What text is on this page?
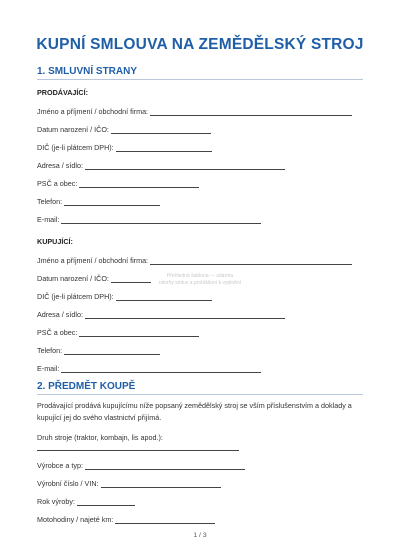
KUPNÍ SMLOUVA NA ZEMĚDĚLSKÝ STROJ
1. SMLUVNÍ STRANY
PRODÁVAJÍCÍ:
Jméno a příjmení / obchodní firma:
Datum narození / IČO:
DIČ (je-li plátcem DPH):
Adresa / sídlo:
PSČ a obec:
Telefon:
E-mail:
KUPUJÍCÍ:
Jméno a příjmení / obchodní firma:
Datum narození / IČO:
DIČ (je-li plátcem DPH):
Adresa / sídlo:
PSČ a obec:
Telefon:
E-mail:
2. PŘEDMĚT KOUPĚ
Prodávající prodává kupujícímu níže popsaný zemědělský stroj se vším příslušenstvím a doklady a kupující jej do svého vlastnictví přijímá.
Druh stroje (traktor, kombajn, lis apod.):
Výrobce a typ:
Výrobní číslo / VIN:
Rok výroby:
Motohodiny / najeté km:
Přehledná šablona — zdarma
návrhy smluv a prohlášení k vyplnění
1 / 3
